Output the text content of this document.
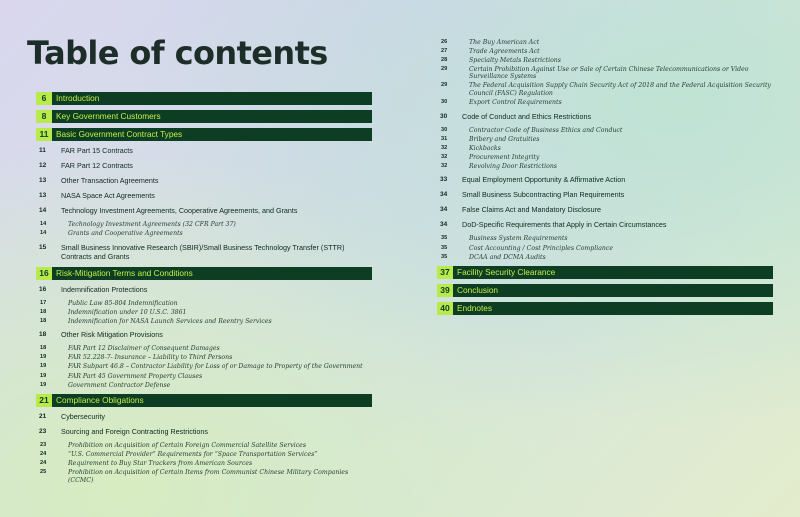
Table of contents
6	Introduction
8	Key Government Customers
11 Basic Government Contract Types
11	FAR Part 15 Contracts
12	FAR Part 12 Contracts
13	Other Transaction Agreements
13	NASA Space Act Agreements
14	Technology Investment Agreements, Cooperative Agreements, and Grants
14	Technology Investment Agreements (32 CFR Part 37)
14	Grants and Cooperative Agreements
15	Small Business Innovative Research (SBIR)/Small Business Technology Transfer (STTR) Contracts and Grants
16 Risk-Mitigation Terms and Conditions
16	Indemnification Protections
17	Public Law 85-804 Indemnification
18	Indemnification under 10 U.S.C. 3861
18	Indemnification for NASA Launch Services and Reentry Services
18	Other Risk Mitigation Provisions
18	FAR Part 12 Disclaimer of Consequent Damages
19	FAR 52.228-7- Insurance – Liability to Third Persons
19	FAR Subpart 46.8 – Contractor Liability for Loss of or Damage to Property of the Government
19	FAR Part 45 Government Property Clauses
19	Government Contractor Defense
21 Compliance Obligations
21	Cybersecurity
23	Sourcing and Foreign Contracting Restrictions
23	Prohibition on Acquisition of Certain Foreign Commercial Satellite Services
24	“U.S. Commercial Provider” Requirements for “Space Transportation Services”
24	Requirement to Buy Star Trackers from American Sources
25	Prohibition on Acquisition of Certain Items from Communist Chinese Military Companies (CCMC)
26	The Buy American Act
27	Trade Agreements Act
28	Specialty Metals Restrictions
29	Certain Prohibition Against Use or Sale of Certain Chinese Telecommunications or Video Surveillance Systems
29	The Federal Acquisition Supply Chain Security Act of 2018 and the Federal Acquisition Security Council (FASC) Regulation
30	Export Control Requirements
30	Code of Conduct and Ethics Restrictions
30	Contractor Code of Business Ethics and Conduct
31	Bribery and Gratuities
32	Kickbacks
32	Procurement Integrity
32	Revolving Door Restrictions
33	Equal Employment Opportunity & Affirmative Action
34	Small Business Subcontracting Plan Requirements
34	False Claims Act and Mandatory Disclosure
34	DoD-Specific Requirements that Apply in Certain Circumstances
35	Business System Requirements
35	Cost Accounting / Cost Principles Compliance
35	DCAA and DCMA Audits
37 Facility Security Clearance
39 Conclusion
40 Endnotes
